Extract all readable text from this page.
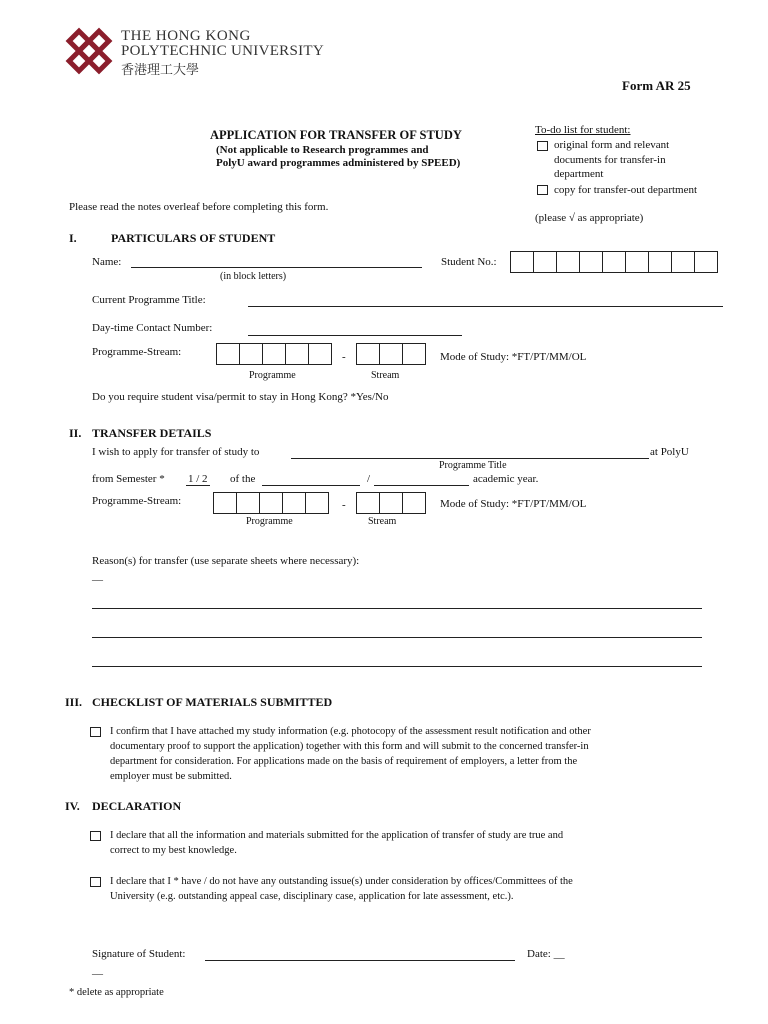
THE HONG KONG
POLYTECHNIC UNIVERSITY
香港理工大學
Form AR 25
APPLICATION FOR TRANSFER OF STUDY
(Not applicable to Research programmes and
PolyU award programmes administered by SPEED)
To-do list for student:
original form and relevant
documents for transfer-in
department
copy for transfer-out department
(please √ as appropriate)
Please read the notes overleaf before completing this form.
I.	PARTICULARS OF STUDENT
Name:
(in block letters)
Student No.:
Current Programme Title:
Day-time Contact Number:
Programme-Stream:	-	Mode of Study: *FT/PT/MM/OL
Programme	Stream
Do you require student visa/permit to stay in Hong Kong? *Yes/No
II. TRANSFER DETAILS
I wish to apply for transfer of study to	at PolyU
Programme Title
from Semester * 1 / 2 of the	/	academic year.
Programme-Stream:	-	Mode of Study: *FT/PT/MM/OL
Programme	Stream
Reason(s) for transfer (use separate sheets where necessary):
__
III. CHECKLIST OF MATERIALS SUBMITTED
I confirm that I have attached my study information (e.g. photocopy of the assessment result notification and other
documentary proof to support the application) together with this form and will submit to the concerned transfer-in
department for consideration. For applications made on the basis of requirement of employers, a letter from the
employer must be submitted.
IV. DECLARATION
I declare that all the information and materials submitted for the application of transfer of study are true and
correct to my best knowledge.
I declare that I * have / do not have any outstanding issue(s) under consideration by offices/Committees of the
University (e.g. outstanding appeal case, disciplinary case, application for late assessment, etc.).
Signature of Student:	Date: __
__
* delete as appropriate
